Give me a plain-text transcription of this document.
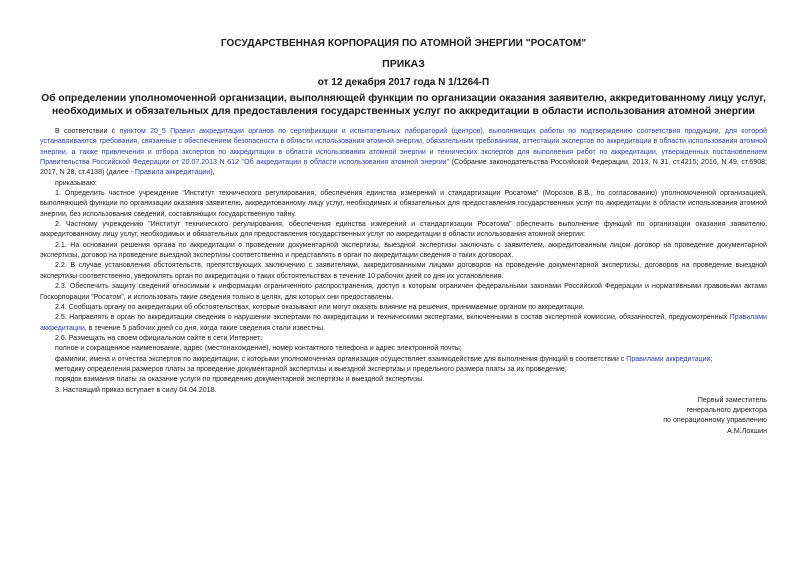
ГОСУДАРСТВЕННАЯ КОРПОРАЦИЯ ПО АТОМНОЙ ЭНЕРГИИ "РОСАТОМ"
ПРИКАЗ
от 12 декабря 2017 года N 1/1264-П
Об определении уполномоченной организации, выполняющей функции по организации оказания заявителю, аккредитованному лицу услуг, необходимых и обязательных для предоставления государственных услуг по аккредитации в области использования атомной энергии

В соответствии с пунктом 20_5 Правил аккредитации органов по сертификации и испытательных лабораторий (центров), выполняющих работы по подтверждению соответствия продукции, для которой устанавливаются требования, связанные с обеспечением безопасности в области использования атомной энергии, обязательным требованиям, аттестации экспертов по аккредитации в области использования атомной энергии, а также привлечения и отбора экспертов по аккредитации в области использования атомной энергии и технических экспертов для выполнения работ по аккредитации, утвержденных постановлением Правительства Российской Федерации от 20.07.2013 N 612 "Об аккредитации в области использования атомной энергии" (Собрание законодательства Российской Федерации, 2013, N 31, ст.4215; 2016, N 49, ст.6908; 2017, N 28, ст.4138) (далее - Правила аккредитации),

приказываю:

1. Определить частное учреждение "Институт технического регулирования, обеспечения единства измерений и стандартизации Росатома" (Морозов В.В., по согласованию) уполномоченной организацией, выполняющей функции по организации оказания заявителю, аккредитованному лицу услуг, необходимых и обязательных для предоставления государственных услуг по аккредитации в области использования атомной энергии, без использования сведений, составляющих государственную тайну.

2. Частному учреждению "Институт технического регулирования, обеспечения единства измерений и стандартизации Росатома" обеспечить выполнение функций по организации оказания заявителю, аккредитованному лицу услуг, необходимых и обязательных для предоставления государственных услуг по аккредитации в области использования атомной энергии:

2.1. На основании решения органа по аккредитации о проведении документарной экспертизы, выездной экспертизы заключать с заявителем, аккредитованным лицом договор на проведение документарной экспертизы, договор на проведение выездной экспертизы соответственно и представлять в орган по аккредитации сведения о таких договорах.

2.2. В случае установления обстоятельств, препятствующих заключению с заявителями, аккредитованными лицами договоров на проведение документарной экспертизы, договоров на проведение выездной экспертизы соответственно, уведомлять орган по аккредитации о таких обстоятельствах в течение 10 рабочих дней со дня их установления.

2.3. Обеспечить защиту сведений относимым к информации ограниченного распространения, доступ к которым ограничен федеральными законами Российской Федерации и нормативными правовыми актами Госкорпорации "Росатом", и использовать такие сведения только в целях, для которых они предоставлены.

2.4. Сообщать органу по аккредитации об обстоятельствах, которые оказывают или могут оказать влияние на решения, принимаемые органом по аккредитации.

2.5. Направлять в орган по аккредитации сведения о нарушении экспертами по аккредитации и техническими экспертами, включенными в состав экспертной комиссии, обязанностей, предусмотренных Правилами аккредитации, в течение 5 рабочих дней со дня, когда такие сведения стали известны.

2.6. Размещать на своем официальном сайте в сети Интернет:

полное и сокращенное наименование, адрес (местонахождение), номер контактного телефона и адрес электронной почты;

фамилии, имена и отчества экспертов по аккредитации, с которыми уполномоченная организация осуществляет взаимодействие для выполнения функций в соответствии с Правилами аккредитации;

методику определения размеров платы за проведение документарной экспертизы и выездной экспертизы и предельного размера платы за их проведение;

порядок взимания платы за оказание услуги по проведению документарной экспертизы и выездной экспертизы.

3. Настоящий приказ вступает в силу 04.04.2018.

Первый заместитель
генерального директора
по операционному управлению
А.М.Локшин
